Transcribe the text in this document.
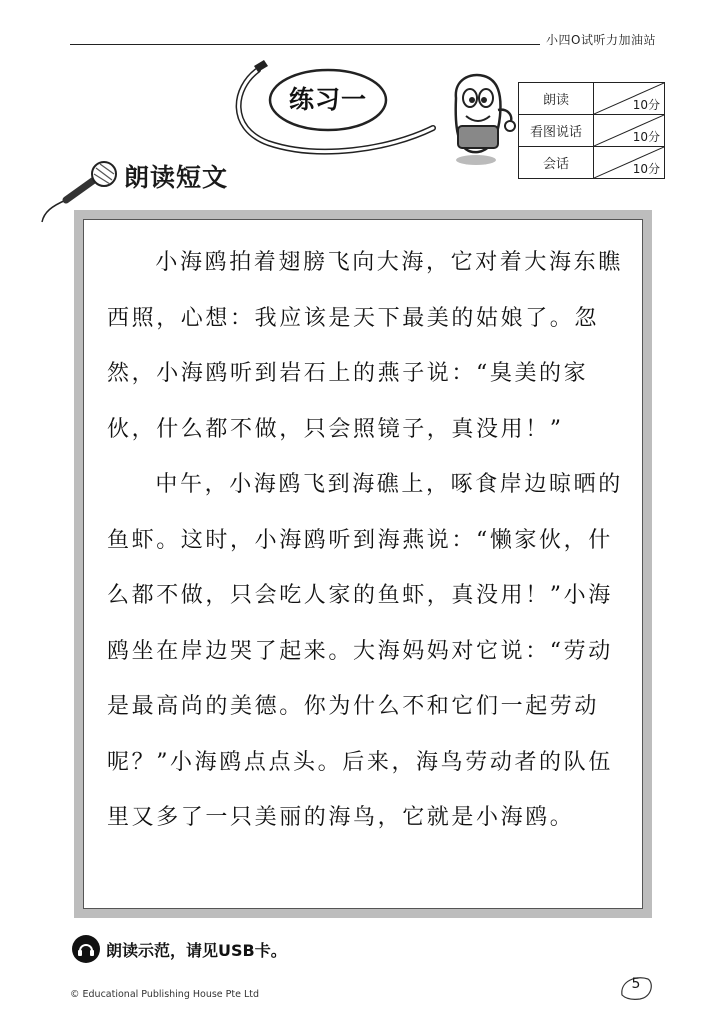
小四O试听力加油站
练习一	朗读	10分

看图说话	10分

会话	10分
朗读短文

小海鸥拍着翅膀飞向大海，它对着大海东瞧西照，心想：我应该是天下最美的姑娘了。忽然，小海鸥听到岩石上的燕子说：“臭美的家伙，什么都不做，只会照镜子，真没用！”

中午，小海鸥飞到海礁上，啄食岸边晾晒的鱼虾。这时，小海鸥听到海燕说：“懒家伙，什么都不做，只会吃人家的鱼虾，真没用！”小海鸥坐在岸边哭了起来。大海妈妈对它说：“劳动是最高尚的美德。你为什么不和它们一起劳动呢？”小海鸥点点头。后来，海鸟劳动者的队伍里又多了一只美丽的海鸟，它就是小海鸥。

朗读示范，请见USB卡。
© Educational Publishing House Pte Ltd
5
